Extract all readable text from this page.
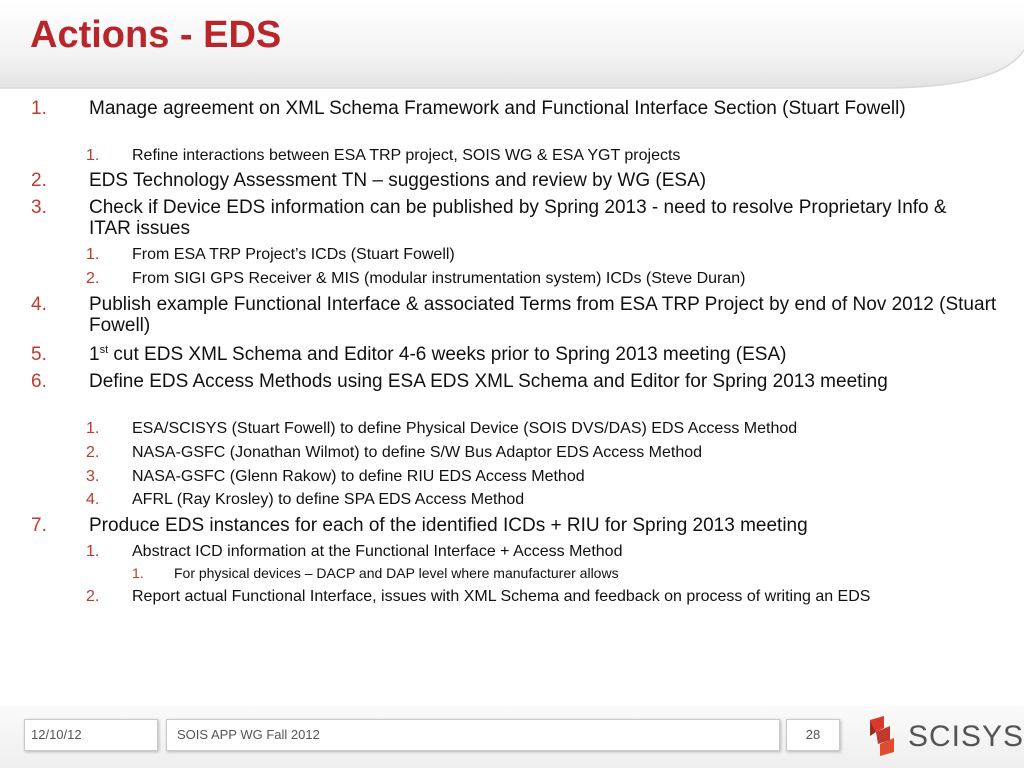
Actions - EDS
1. Manage agreement on XML Schema Framework and Functional Interface Section (Stuart Fowell)
1. Refine interactions between ESA TRP project, SOIS WG & ESA YGT projects
2. EDS Technology Assessment TN – suggestions and review by WG (ESA)
3. Check if Device EDS information can be published by Spring 2013 - need to resolve Proprietary Info & ITAR issues
1. From ESA TRP Project’s ICDs (Stuart Fowell)
2. From SIGI GPS Receiver & MIS (modular instrumentation system) ICDs (Steve Duran)
4. Publish example Functional Interface & associated Terms from ESA TRP Project by end of Nov 2012 (Stuart Fowell)
5. 1st cut EDS XML Schema and Editor 4-6 weeks prior to Spring 2013 meeting (ESA)
6. Define EDS Access Methods using ESA EDS XML Schema and Editor for Spring 2013 meeting
1. ESA/SCISYS (Stuart Fowell) to define Physical Device (SOIS DVS/DAS) EDS Access Method
2. NASA-GSFC (Jonathan Wilmot) to define S/W Bus Adaptor EDS Access Method
3. NASA-GSFC (Glenn Rakow) to define RIU EDS Access Method
4. AFRL (Ray Krosley) to define SPA EDS Access Method
7. Produce EDS instances for each of the identified ICDs + RIU for Spring 2013 meeting
1. Abstract ICD information at the Functional Interface + Access Method
1. For physical devices – DACP and DAP level where manufacturer allows
2. Report actual Functional Interface, issues with XML Schema and feedback on process of writing an EDS
12/10/12	SOIS APP WG Fall 2012	28	SCISYS
